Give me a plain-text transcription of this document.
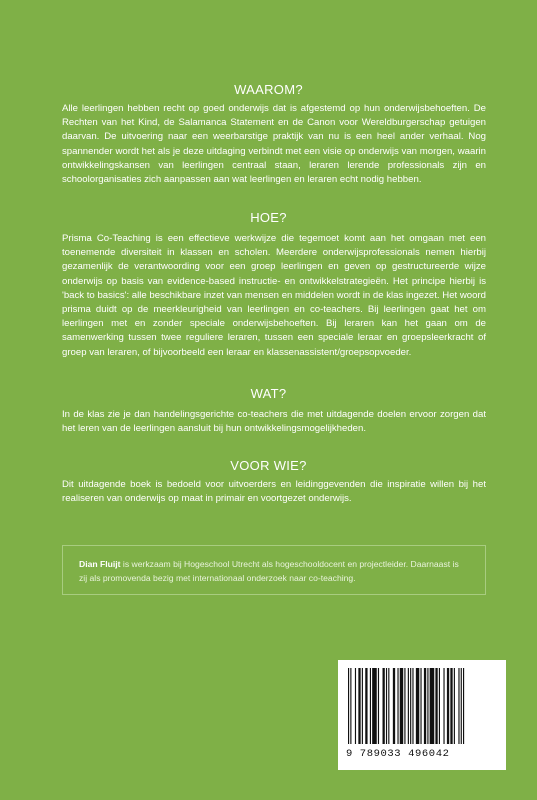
WAAROM?

Alle leerlingen hebben recht op goed onderwijs dat is afgestemd op hun onderwijsbehoeften. De Rechten van het Kind, de Salamanca Statement en de Canon voor Wereldburgerschap getuigen daarvan. De uitvoering naar een weerbarstige praktijk van nu is een heel ander verhaal. Nog spannender wordt het als je deze uitdaging verbindt met een visie op onderwijs van morgen, waarin ontwikkelingskansen van leerlingen centraal staan, leraren lerende professionals zijn en schoolorganisaties zich aanpassen aan wat leerlingen en leraren echt nodig hebben.

HOE?

Prisma Co-Teaching is een effectieve werkwijze die tegemoet komt aan het omgaan met een toenemende diversiteit in klassen en scholen. Meerdere onderwijsprofessionals nemen hierbij gezamenlijk de verantwoording voor een groep leerlingen en geven op gestructureerde wijze onderwijs op basis van evidence-based instructie- en ontwikkelstrategieën. Het principe hierbij is 'back to basics': alle beschikbare inzet van mensen en middelen wordt in de klas ingezet. Het woord prisma duidt op de meerkleurigheid van leerlingen en co-teachers. Bij leerlingen gaat het om leerlingen met en zonder speciale onderwijsbehoeften. Bij leraren kan het gaan om de samenwerking tussen twee reguliere leraren, tussen een speciale leraar en groepsleerkracht of groep van leraren, of bijvoorbeeld een leraar en klassenassistent/groepsopvoeder.

WAT?

In de klas zie je dan handelingsgerichte co-teachers die met uitdagende doelen ervoor zorgen dat het leren van de leerlingen aansluit bij hun ontwikkelingsmogelijkheden.

VOOR WIE?

Dit uitdagende boek is bedoeld voor uitvoerders en leidinggevenden die inspiratie willen bij het realiseren van onderwijs op maat in primair en voortgezet onderwijs.

Dian Fluijt is werkzaam bij Hogeschool Utrecht als hogeschooldocent en projectleider. Daarnaast is zij als promovenda bezig met internationaal onderzoek naar co-teaching.

9 789033 496042
